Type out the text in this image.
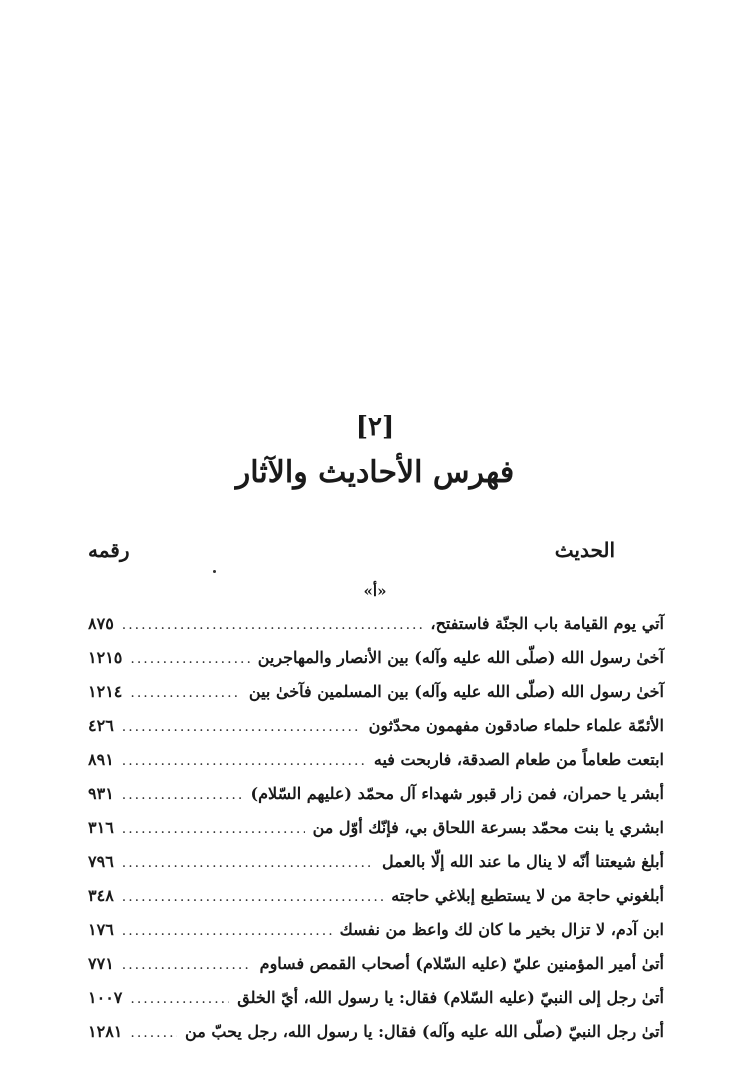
[٢]
فهرس الأحاديث والآثار
الحديث
رقمه
«أ»
آتي يوم القيامة باب الجنّة فاستفتح،
.....
٨٧٥
آخىٰ رسول الله (صلّى الله عليه وآله) بين الأنصار والمهاجرين
.....
١٢١٥
آخىٰ رسول الله (صلّى الله عليه وآله) بين المسلمين فآخىٰ بين
.....
١٢١٤
الأئمّة علماء حلماء صادقون مفهمون محدّثون
.....
٤٢٦
ابتعت طعاماً من طعام الصدقة، فاربحت فيه
.....
٨٩١
أبشر يا حمران، فمن زار قبور شهداء آل محمّد (عليهم السّلام)
.....
٩٣١
ابشري يا بنت محمّد بسرعة اللحاق بي، فإنّك أوّل من
.....
٣١٦
أبلغ شيعتنا أنّه لا ينال ما عند الله إلّا بالعمل
.....
٧٩٦
أبلغوني حاجة من لا يستطيع إبلاغي حاجته
.....
٣٤٨
ابن آدم، لا تزال بخير ما كان لك واعظ من نفسك
.....
١٧٦
أتىٰ أمير المؤمنين عليّ (عليه السّلام) أصحاب القمص فساوم
.....
٧٧١
أتىٰ رجل إلى النبيّ (عليه السّلام) فقال: يا رسول الله، أيّ الخلق
.....
١٠٠٧
أتىٰ رجل النبيّ (صلّى الله عليه وآله) فقال: يا رسول الله، رجل يحبّ من
.....
١٢٨١
